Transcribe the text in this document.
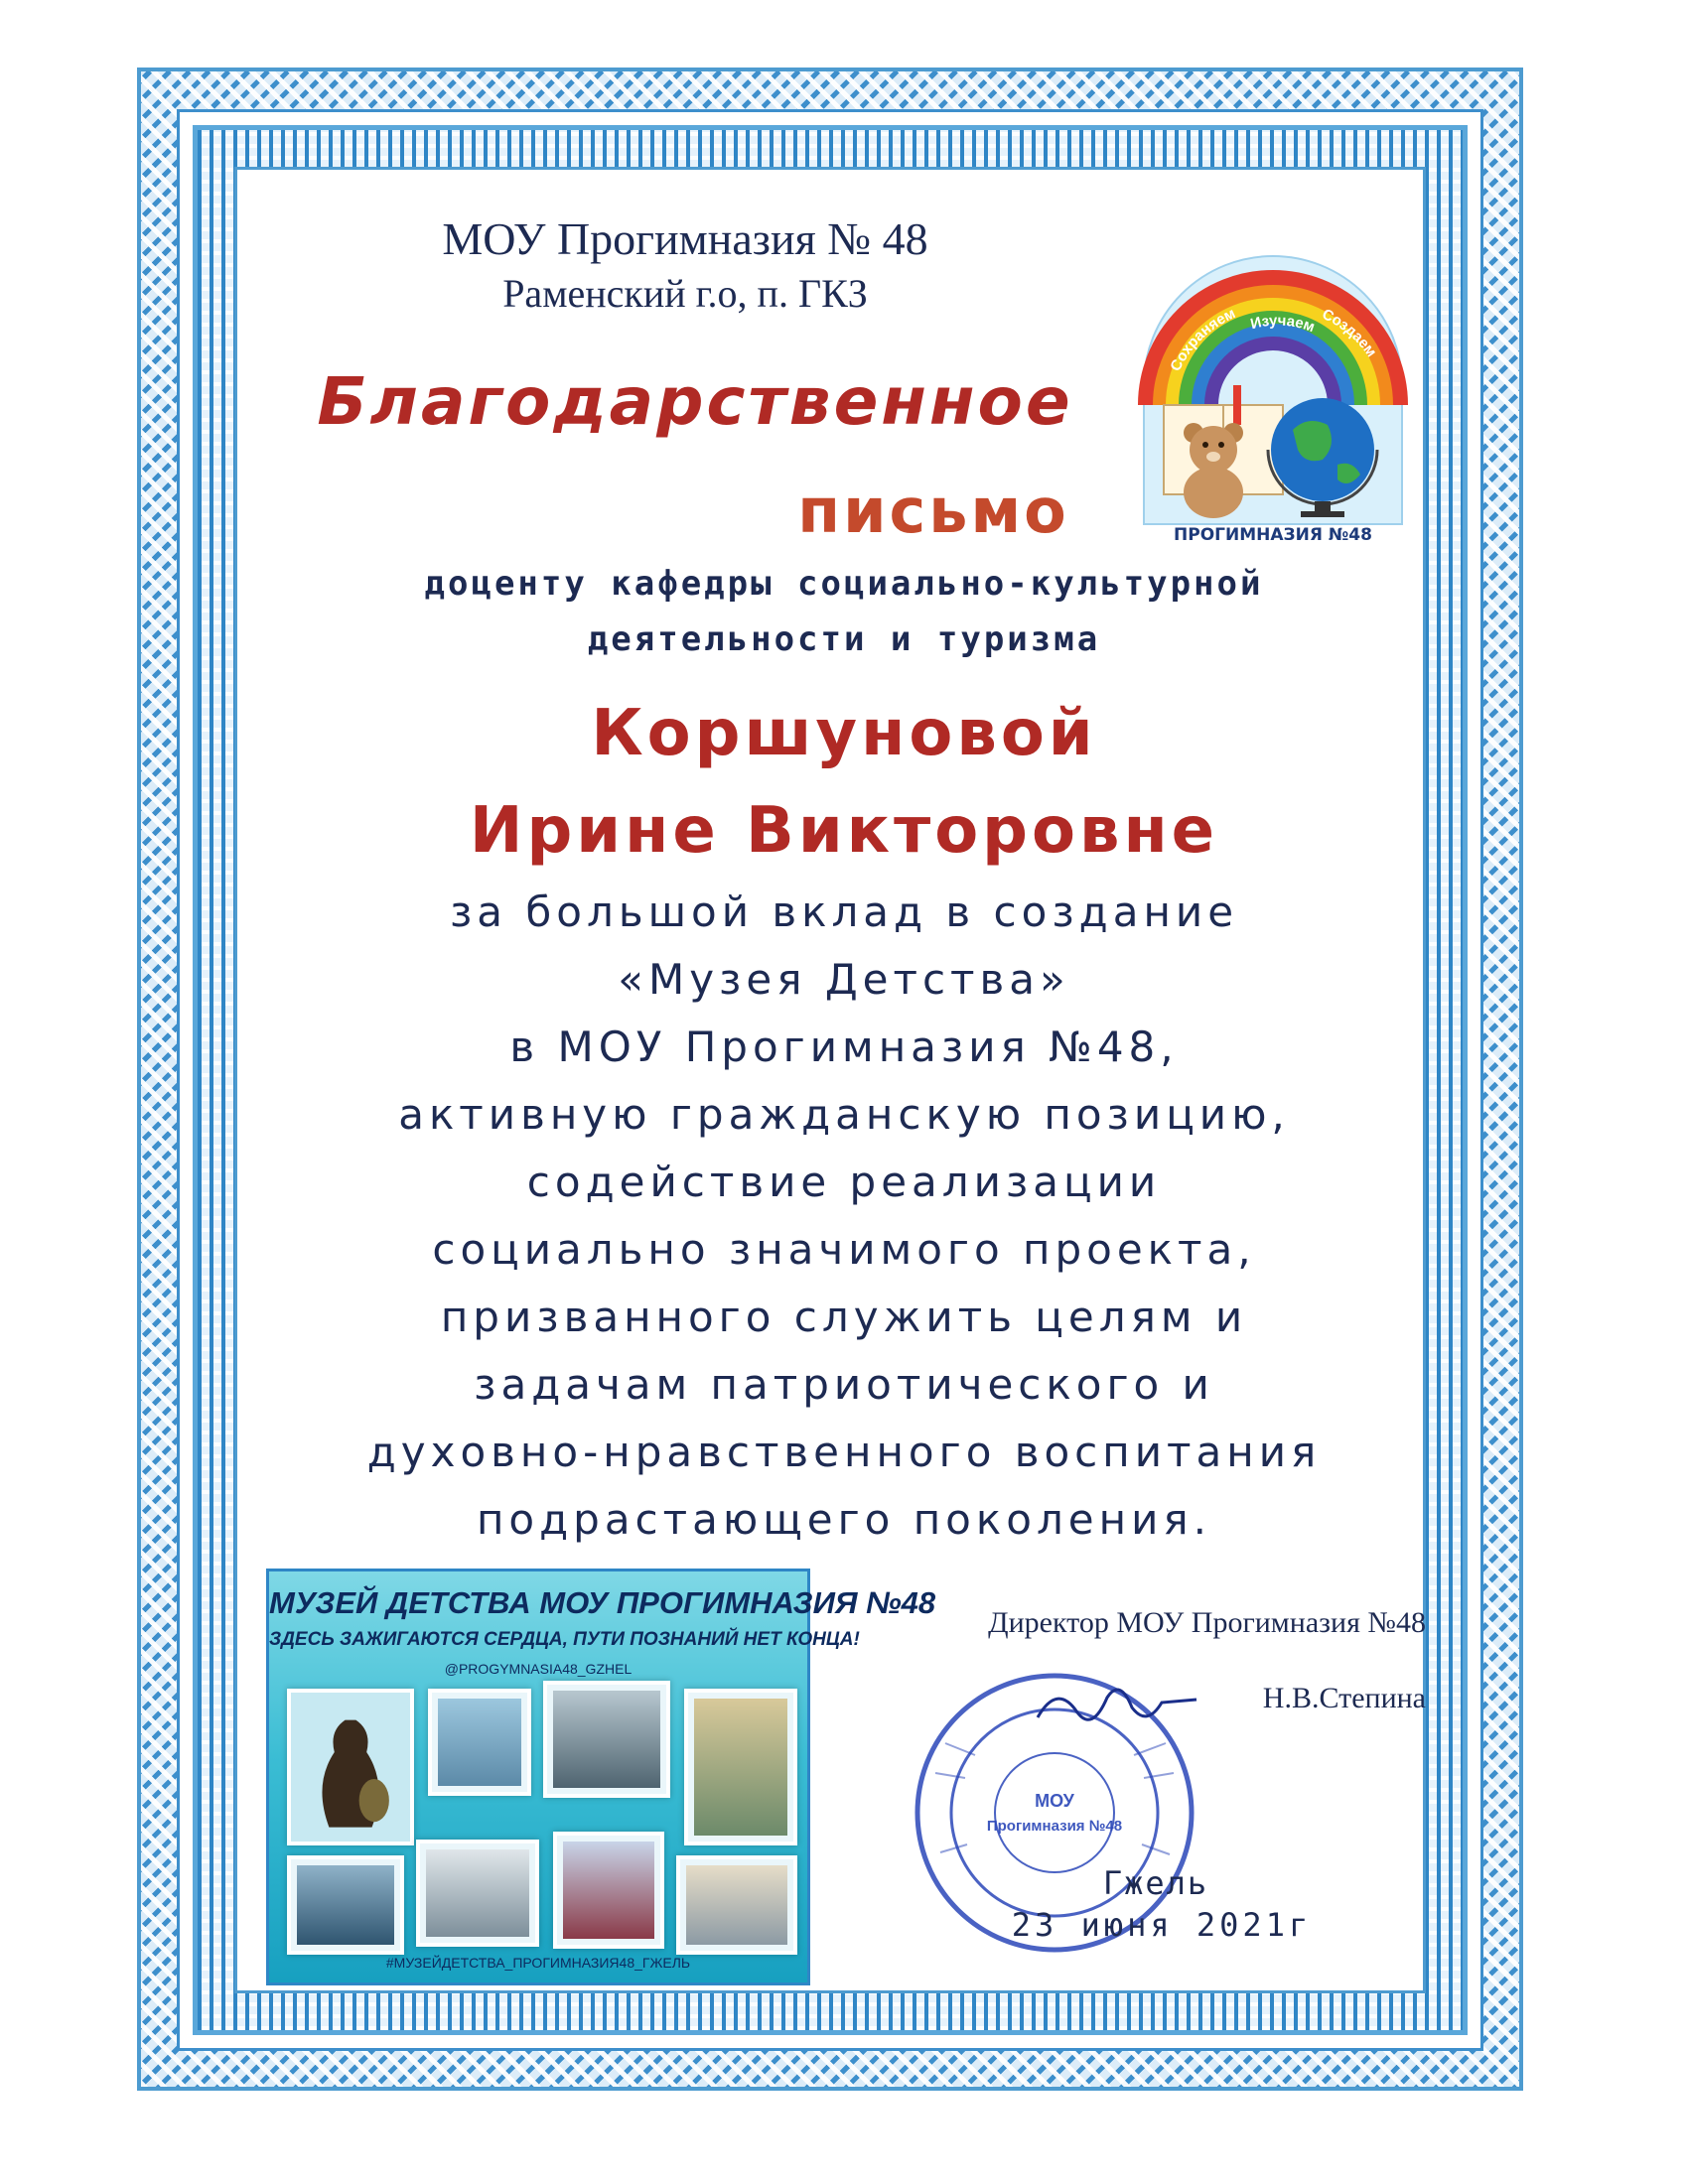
МОУ Прогимназия № 48
Раменский г.о, п. ГКЗ
Благодарственное
письмо
Сохраняем Изучаем
Создаем
ПРОГИМНАЗИЯ №48
доценту кафедры социально-культурной
деятельности и туризма
Коршуновой
Ирине Викторовне
за большой вклад в создание
«Музея Детства»
в МОУ Прогимназия №48,
активную гражданскую позицию,
содействие реализации
социально значимого проекта,
призванного служить целям и
задачам патриотического и
духовно-нравственного воспитания
подрастающего поколения.
МУЗЕЙ ДЕТСТВА МОУ ПРОГИМНАЗИЯ №48
ЗДЕСЬ ЗАЖИГАЮТСЯ СЕРДЦА, ПУТИ ПОЗНАНИЙ НЕТ КОНЦА!
@PROGYMNASIA48_GZHEL
#МУЗЕЙДЕТСТВА_ПРОГИМНАЗИЯ48_ГЖЕЛЬ
Директор МОУ Прогимназия №48
Н.В.Степина
МОУ
Прогимназия №48
Гжель
23 июня 2021г
